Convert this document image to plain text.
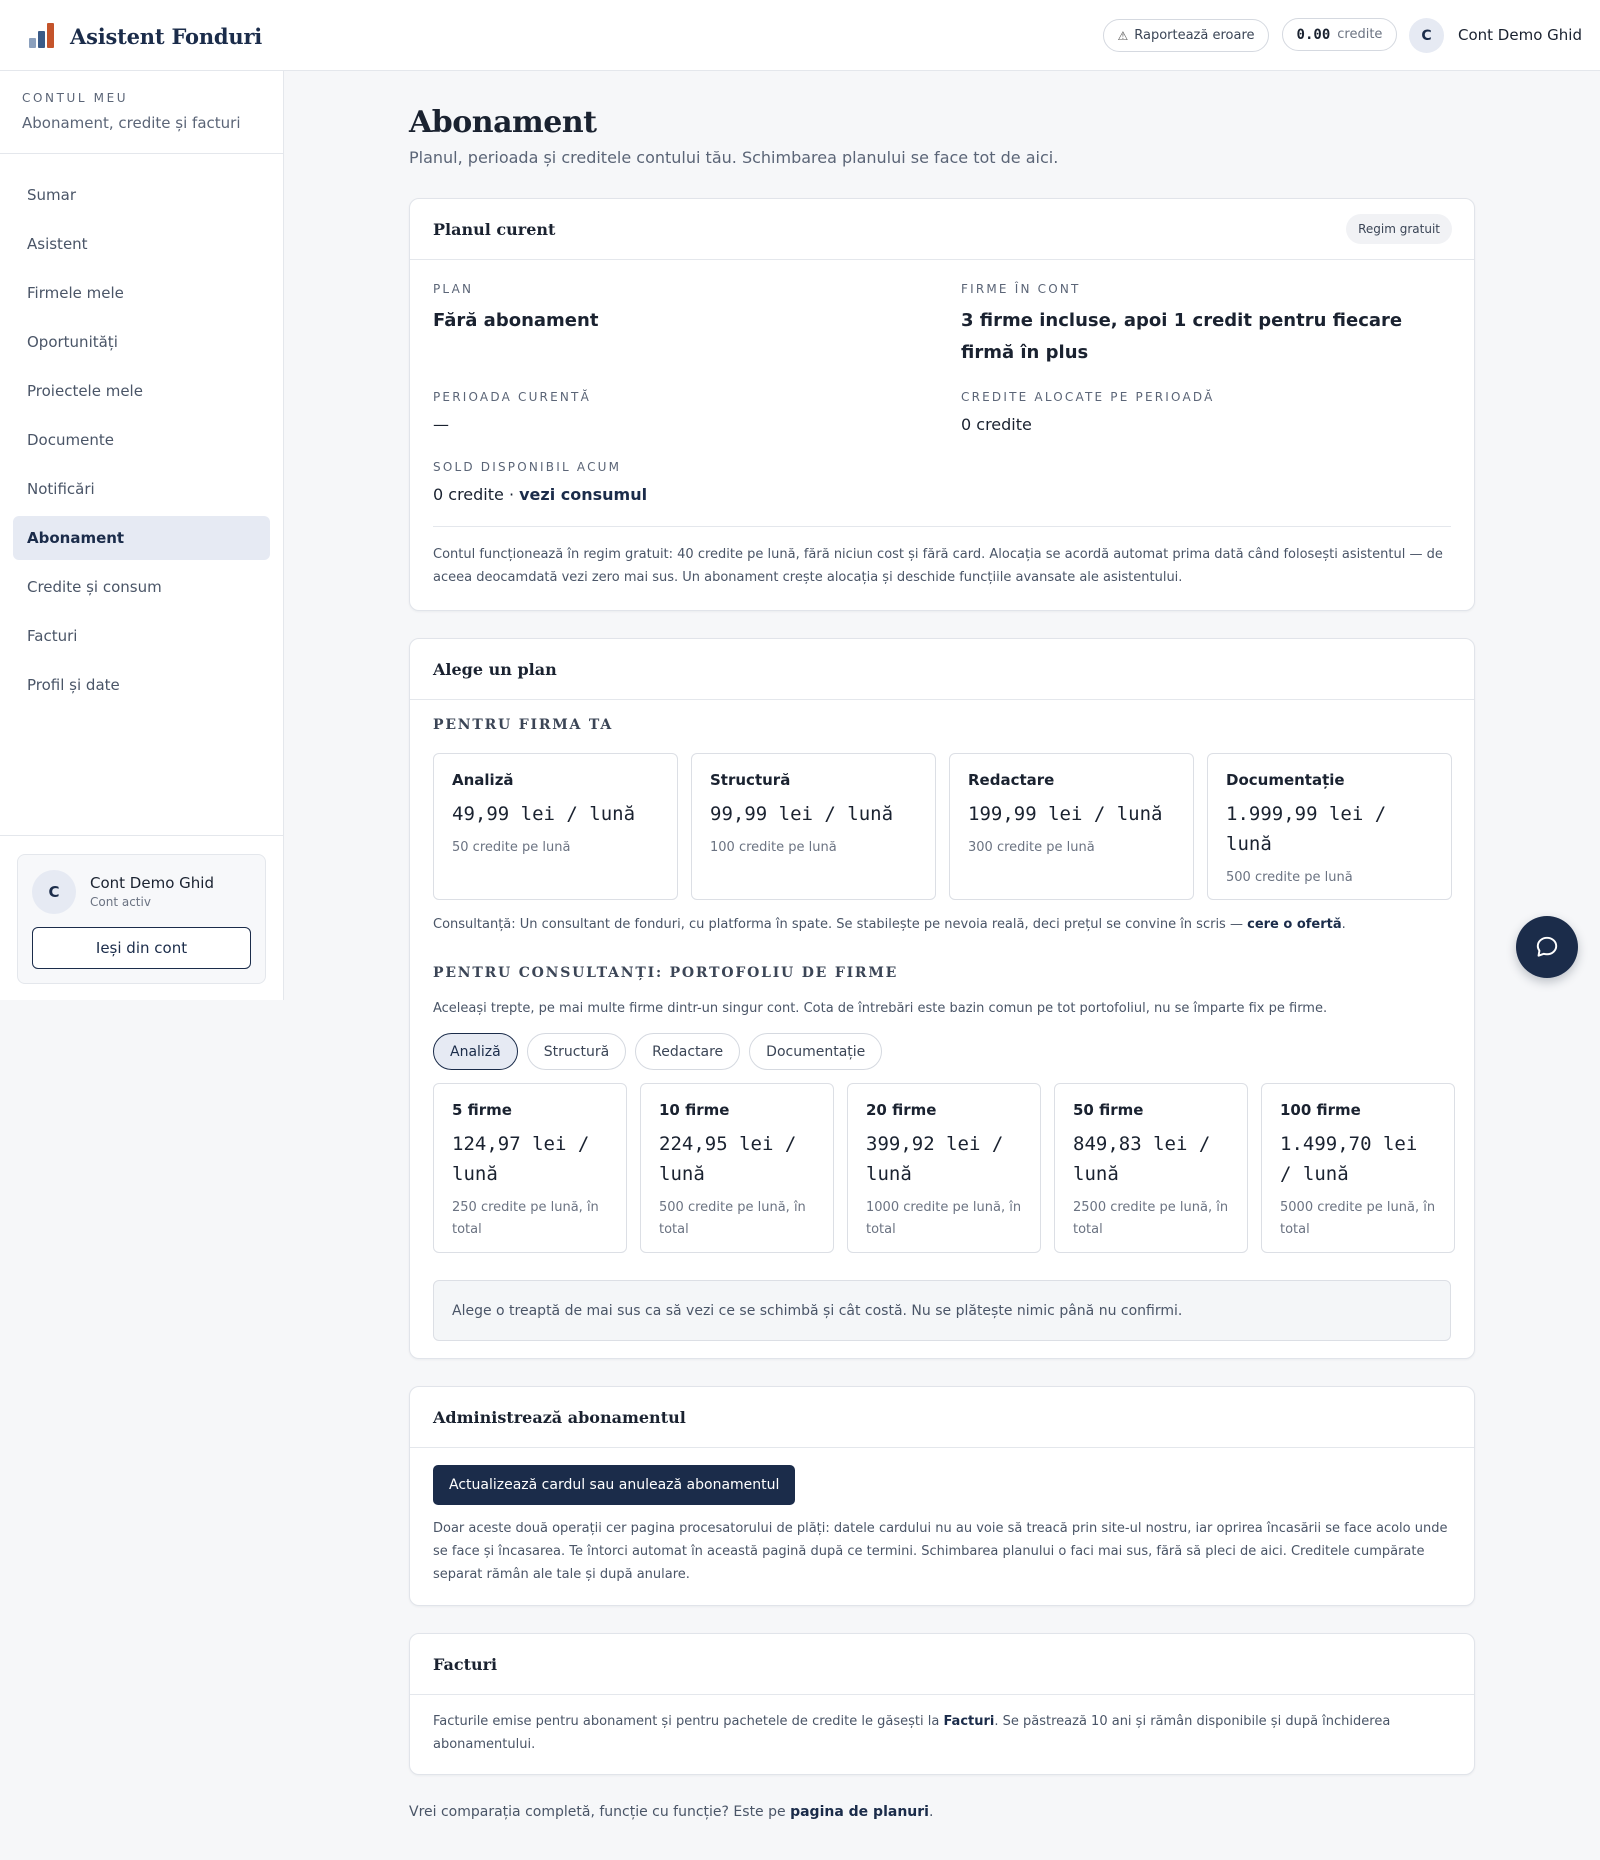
Asistent Fonduri	⚠ Raportează eroare	0.00 credite	C	Cont Demo Ghid
CONTUL MEU
Abonament, credite și facturi
Sumar
Asistent
Firmele mele
Oportunități
Proiectele mele
Documente
Notificări
Abonament
Credite și consum
Facturi
Profil și date
C	Cont Demo Ghid
Cont activ
Ieși din cont
Abonament

Planul, perioada și creditele contului tău. Schimbarea planului se face tot de aici.

Planul curent	Regim gratuit
PLAN
Fără abonament
FIRME ÎN CONT
3 firme incluse, apoi 1 credit pentru fiecare firmă în plus
PERIOADA CURENTĂ
—
CREDITE ALOCATE PE PERIOADĂ
0 credite
SOLD DISPONIBIL ACUM
0 credite · vezi consumul

Contul funcționează în regim gratuit: 40 credite pe lună, fără niciun cost și fără card. Alocația se acordă automat prima dată când folosești asistentul — de aceea deocamdată vezi zero mai sus. Un abonament crește alocația și deschide funcțiile avansate ale asistentului.

Alege un plan
PENTRU FIRMA TA
Analiză
49,99 lei / lună
50 credite pe lună
Structură
99,99 lei / lună
100 credite pe lună
Redactare
199,99 lei / lună
300 credite pe lună
Documentație
1.999,99 lei / lună
500 credite pe lună

Consultanță: Un consultant de fonduri, cu platforma în spate. Se stabilește pe nevoia reală, deci prețul se convine în scris — cere o ofertă.

PENTRU CONSULTANȚI: PORTOFOLIU DE FIRME

Aceleași trepte, pe mai multe firme dintr-un singur cont. Cota de întrebări este bazin comun pe tot portofoliul, nu se împarte fix pe firme.

Analiză	Structură	Redactare	Documentație
5 firme
124,97 lei / lună
250 credite pe lună, în total
10 firme
224,95 lei / lună
500 credite pe lună, în total
20 firme
399,92 lei / lună
1000 credite pe lună, în total
50 firme
849,83 lei / lună
2500 credite pe lună, în total
100 firme
1.499,70 lei / lună
5000 credite pe lună, în total
Alege o treaptă de mai sus ca să vezi ce se schimbă și cât costă. Nu se plătește nimic până nu confirmi.
Administrează abonamentul
Actualizează cardul sau anulează abonamentul

Doar aceste două operații cer pagina procesatorului de plăți: datele cardului nu au voie să treacă prin site-ul nostru, iar oprirea încasării se face acolo unde se face și încasarea. Te întorci automat în această pagină după ce termini. Schimbarea planului o faci mai sus, fără să pleci de aici. Creditele cumpărate separat rămân ale tale și după anulare.

Facturi

Facturile emise pentru abonament și pentru pachetele de credite le găsești la Facturi. Se păstrează 10 ani și rămân disponibile și după închiderea abonamentului.

Vrei comparația completă, funcție cu funcție? Este pe pagina de planuri.
